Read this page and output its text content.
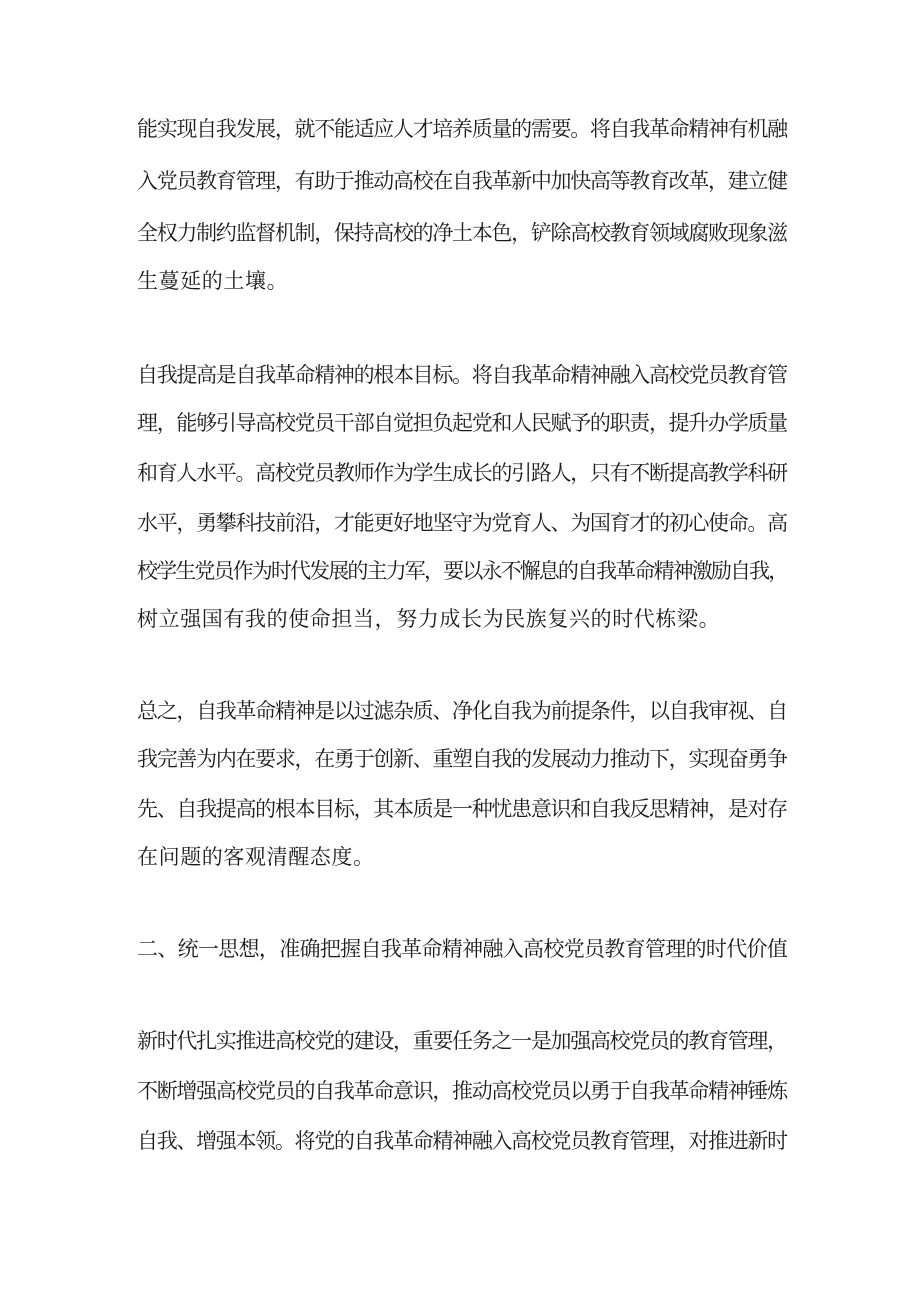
能实现自我发展，就不能适应人才培养质量的需要。将自我革命精神有机融
入党员教育管理，有助于推动高校在自我革新中加快高等教育改革，建立健
全权力制约监督机制，保持高校的净土本色，铲除高校教育领域腐败现象滋
生蔓延的土壤。
自我提高是自我革命精神的根本目标。将自我革命精神融入高校党员教育管
理，能够引导高校党员干部自觉担负起党和人民赋予的职责，提升办学质量
和育人水平。高校党员教师作为学生成长的引路人，只有不断提高教学科研
水平，勇攀科技前沿，才能更好地坚守为党育人、为国育才的初心使命。高
校学生党员作为时代发展的主力军，要以永不懈息的自我革命精神激励自我，
树立强国有我的使命担当，努力成长为民族复兴的时代栋梁。
总之，自我革命精神是以过滤杂质、净化自我为前提条件，以自我审视、自
我完善为内在要求，在勇于创新、重塑自我的发展动力推动下，实现奋勇争
先、自我提高的根本目标，其本质是一种忧患意识和自我反思精神，是对存
在问题的客观清醒态度。
二、统一思想，准确把握自我革命精神融入高校党员教育管理的时代价值
新时代扎实推进高校党的建设，重要任务之一是加强高校党员的教育管理，
不断增强高校党员的自我革命意识，推动高校党员以勇于自我革命精神锤炼
自我、增强本领。将党的自我革命精神融入高校党员教育管理，对推进新时
